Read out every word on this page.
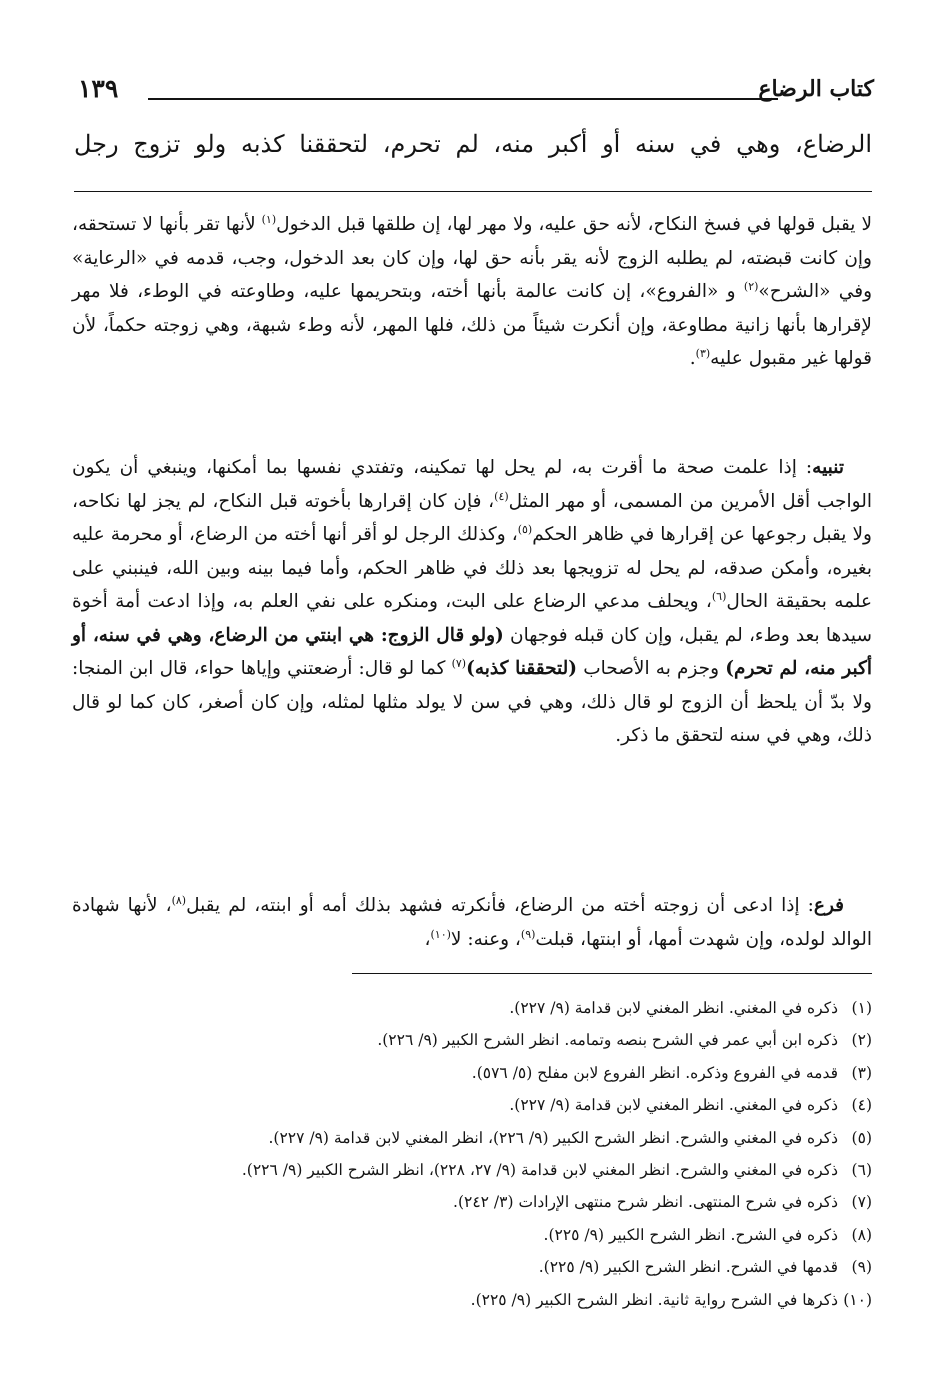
كتاب الرضاع
١٣٩
الرضاع، وهي في سنه أو أكبر منه، لم تحرم، لتحققنا كذبه ولو تزوج رجل
لا يقبل قولها في فسخ النكاح، لأنه حق عليه، ولا مهر لها، إن طلقها قبل الدخول$^{(١)}$ لأنها تقر بأنها لا تستحقه، وإن كانت قبضته، لم يطلبه الزوج لأنه يقر بأنه حق لها، وإن كان بعد الدخول، وجب، قدمه في «الرعاية» وفي «الشرح»$^{(٢)}$ و «الفروع»، إن كانت عالمة بأنها أخته، وبتحريمها عليه، وطاوعته في الوطء، فلا مهر لإقرارها بأنها زانية مطاوعة، وإن أنكرت شيئاً من ذلك، فلها المهر، لأنه وطء شبهة، وهي زوجته حكماً، لأن قولها غير مقبول عليه$^{(٣)}$.
تنبيه: إذا علمت صحة ما أقرت به، لم يحل لها تمكينه، وتفتدي نفسها بما أمكنها، وينبغي أن يكون الواجب أقل الأمرين من المسمى، أو مهر المثل$^{(٤)}$، فإن كان إقرارها بأخوته قبل النكاح، لم يجز لها نكاحه، ولا يقبل رجوعها عن إقرارها في ظاهر الحكم$^{(٥)}$، وكذلك الرجل لو أقر أنها أخته من الرضاع، أو محرمة عليه بغيره، وأمكن صدقه، لم يحل له تزويجها بعد ذلك في ظاهر الحكم، وأما فيما بينه وبين الله، فينبني على علمه بحقيقة الحال$^{(٦)}$، ويحلف مدعي الرضاع على البت، ومنكره على نفي العلم به، وإذا ادعت أمة أخوة سيدها بعد وطء، لم يقبل، وإن كان قبله فوجهان (ولو قال الزوج: هي ابنتي من الرضاع، وهي في سنه، أو أكبر منه، لم تحرم) وجزم به الأصحاب (لتحققنا كذبه)$^{(٧)}$ كما لو قال: أرضعتني وإياها حواء، قال ابن المنجا: ولا بدّ أن يلحظ أن الزوج لو قال ذلك، وهي في سن لا يولد مثلها لمثله، وإن كان أصغر، كان كما لو قال ذلك، وهي في سنه لتحقق ما ذكر.
فرع: إذا ادعى أن زوجته أخته من الرضاع، فأنكرته فشهد بذلك أمه أو ابنته، لم يقبل$^{(٨)}$، لأنها شهادة الوالد لولده، وإن شهدت أمها، أو ابنتها، قبلت$^{(٩)}$، وعنه: لا$^{(١٠)}$،
(١)ذكره في المغني. انظر المغني لابن قدامة (٩/ ٢٢٧).
(٢)ذكره ابن أبي عمر في الشرح بنصه وتمامه. انظر الشرح الكبير (٩/ ٢٢٦).
(٣)قدمه في الفروع وذكره. انظر الفروع لابن مفلح (٥/ ٥٧٦).
(٤)ذكره في المغني. انظر المغني لابن قدامة (٩/ ٢٢٧).
(٥)ذكره في المغني والشرح. انظر الشرح الكبير (٩/ ٢٢٦)، انظر المغني لابن قدامة (٩/ ٢٢٧).
(٦)ذكره في المغني والشرح. انظر المغني لابن قدامة (٩/ ٢٧، ٢٢٨)، انظر الشرح الكبير (٩/ ٢٢٦).
(٧)ذكره في شرح المنتهى. انظر شرح منتهى الإرادات (٣/ ٢٤٢).
(٨)ذكره في الشرح. انظر الشرح الكبير (٩/ ٢٢٥).
(٩)قدمها في الشرح. انظر الشرح الكبير (٩/ ٢٢٥).
(١٠)ذكرها في الشرح رواية ثانية. انظر الشرح الكبير (٩/ ٢٢٥).
